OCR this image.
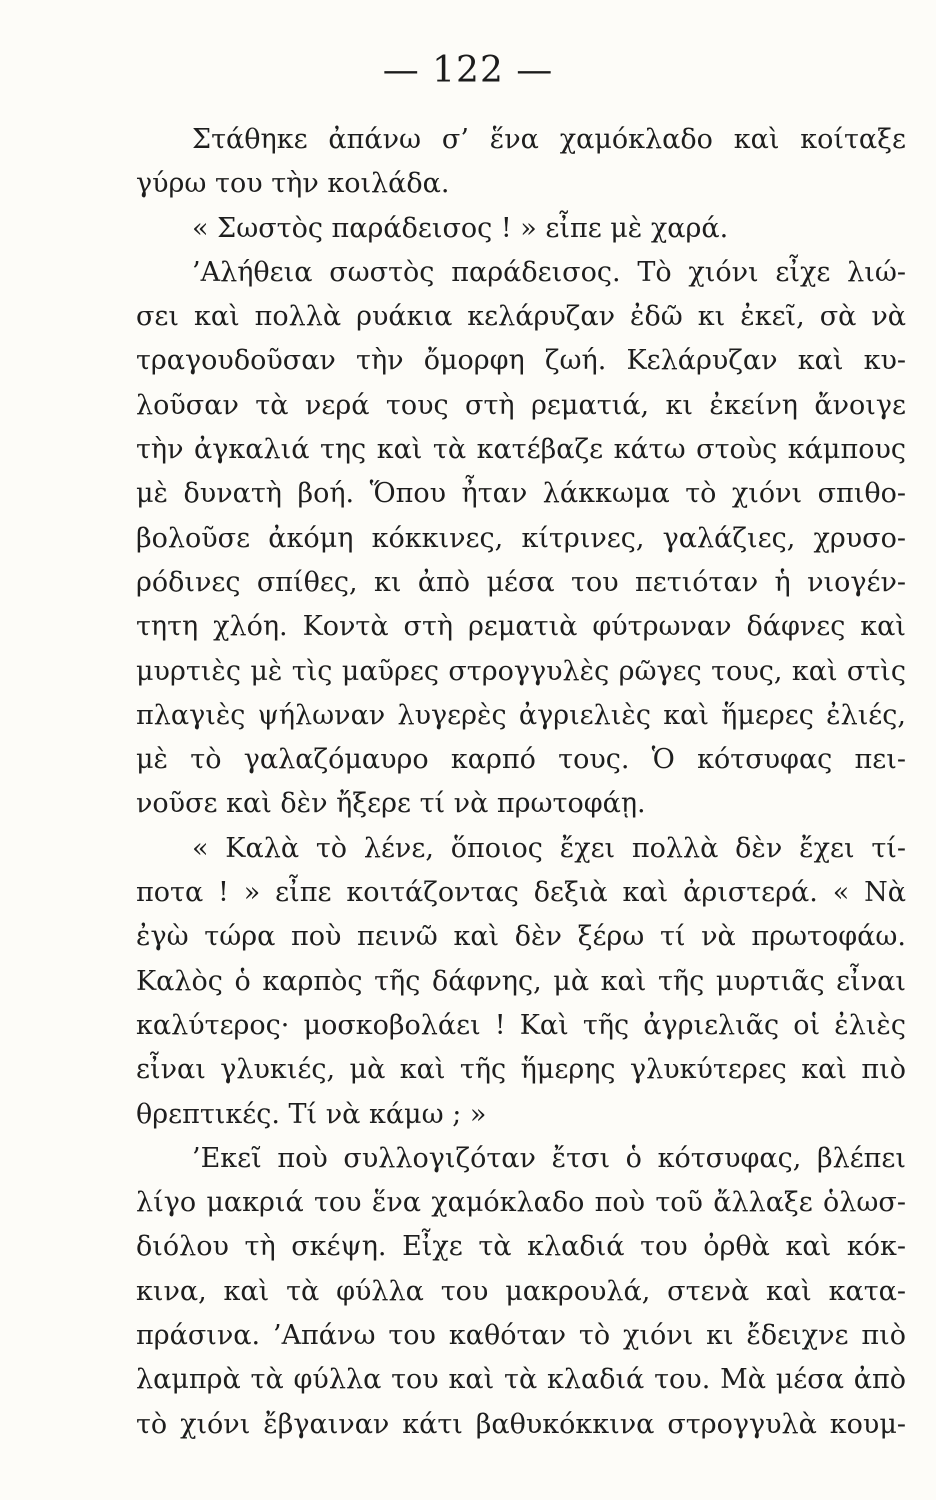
— 122 —
Στάθηκε ἀπάνω σ’ ἕνα χαμόκλαδο καὶ κοίταξε
γύρω του τὴν κοιλάδα.
« Σωστὸς παράδεισος ! » εἶπε μὲ χαρά.
’Αλήθεια σωστὸς παράδεισος. Τὸ χιόνι εἶχε λιώ-
σει καὶ πολλὰ ρυάκια κελάρυζαν ἐδῶ κι ἐκεῖ, σὰ νὰ
τραγουδοῦσαν τὴν ὄμορφη ζωή. Κελάρυζαν καὶ κυ-
λοῦσαν τὰ νερά τους στὴ ρεματιά, κι ἐκείνη ἄνοιγε
τὴν ἀγκαλιά της καὶ τὰ κατέβαζε κάτω στοὺς κάμπους
μὲ δυνατὴ βοή. Ὅπου ἦταν λάκκωμα τὸ χιόνι σπιθο-
βολοῦσε ἀκόμη κόκκινες, κίτρινες, γαλάζιες, χρυσο-
ρόδινες σπίθες, κι ἀπὸ μέσα του πετιόταν ἡ νιογέν-
τητη χλόη. Κοντὰ στὴ ρεματιὰ φύτρωναν δάφνες καὶ
μυρτιὲς μὲ τὶς μαῦρες στρογγυλὲς ρῶγες τους, καὶ στὶς
πλαγιὲς ψήλωναν λυγερὲς ἀγριελιὲς καὶ ἥμερες ἐλιές,
μὲ τὸ γαλαζόμαυρο καρπό τους. Ὁ κότσυφας πει-
νοῦσε καὶ δὲν ἤξερε τί νὰ πρωτοφάῃ.
« Καλὰ τὸ λένε, ὅποιος ἔχει πολλὰ δὲν ἔχει τί-
ποτα ! » εἶπε κοιτάζοντας δεξιὰ καὶ ἀριστερά. « Νὰ
ἐγὼ τώρα ποὺ πεινῶ καὶ δὲν ξέρω τί νὰ πρωτοφάω.
Καλὸς ὁ καρπὸς τῆς δάφνης, μὰ καὶ τῆς μυρτιᾶς εἶναι
καλύτερος· μοσκοβολάει ! Καὶ τῆς ἀγριελιᾶς οἱ ἐλιὲς
εἶναι γλυκιές, μὰ καὶ τῆς ἥμερης γλυκύτερες καὶ πιὸ
θρεπτικές. Τί νὰ κάμω ; »
’Εκεῖ ποὺ συλλογιζόταν ἔτσι ὁ κότσυφας, βλέπει
λίγο μακριά του ἕνα χαμόκλαδο ποὺ τοῦ ἄλλαξε ὁλωσ-
διόλου τὴ σκέψη. Εἶχε τὰ κλαδιά του ὀρθὰ καὶ κόκ-
κινα, καὶ τὰ φύλλα του μακρουλά, στενὰ καὶ κατα-
πράσινα. ’Απάνω του καθόταν τὸ χιόνι κι ἔδειχνε πιὸ
λαμπρὰ τὰ φύλλα του καὶ τὰ κλαδιά του. Μὰ μέσα ἀπὸ
τὸ χιόνι ἔβγαιναν κάτι βαθυκόκκινα στρογγυλὰ κουμ-
